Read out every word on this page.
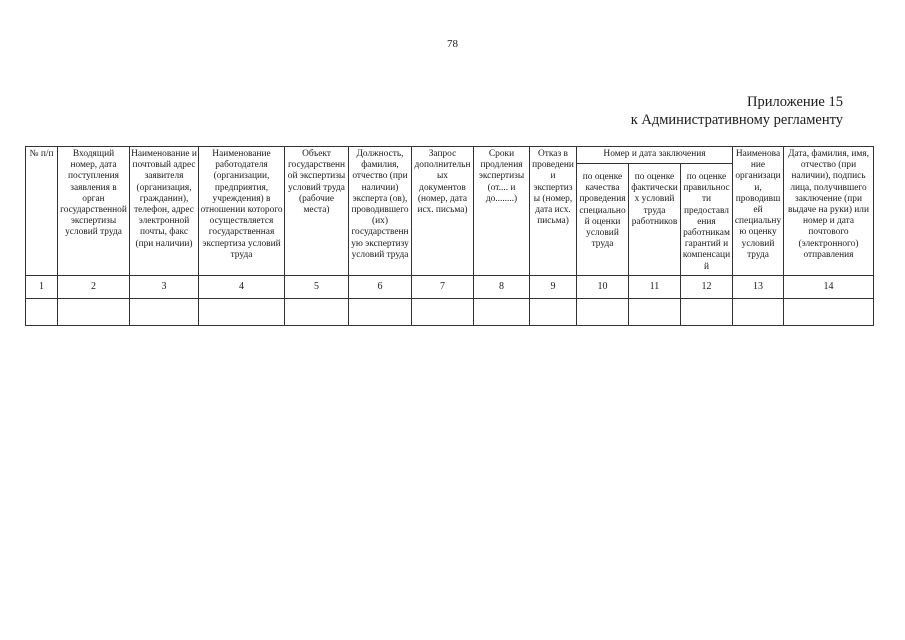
78
Приложение 15
к Административному регламенту
№ п/п	Входящий номер, дата поступления заявления в орган государственной экспертизы условий труда	Наименование и почтовый адрес заявителя (организация, гражданин), телефон, адрес электронной почты, факс (при наличии)	Наименование работодателя (организации, предприятия, учреждения) в отношении которого осуществляется государственная экспертиза условий труда	Объект государственной экспертизы условий труда (рабочие места)	Должность, фамилия, отчество (при наличии) эксперта (ов), проводившего(их) государственную экспертизу условий труда	Запрос дополнительных документов (номер, дата исх. письма)	Сроки продления экспертизы (от.... и до........)	Отказ в проведении экспертизы (номер, дата исх. письма)	Номер и дата заключения			Наименование организации, проводившей специальную оценку условий труда	Дата, фамилия, имя, отчество (при наличии), подпись лица, получившего заключение (при выдаче на руки) или номер и дата почтового (электронного) отправления
									по оценке качества проведения специальной оценки условий труда	по оценке фактических условий труда работников	по оценке правильности предоставления работникам гарантий и компенсаций		
1	2	3	4	5	6	7	8	9	10	11	12	13	14
